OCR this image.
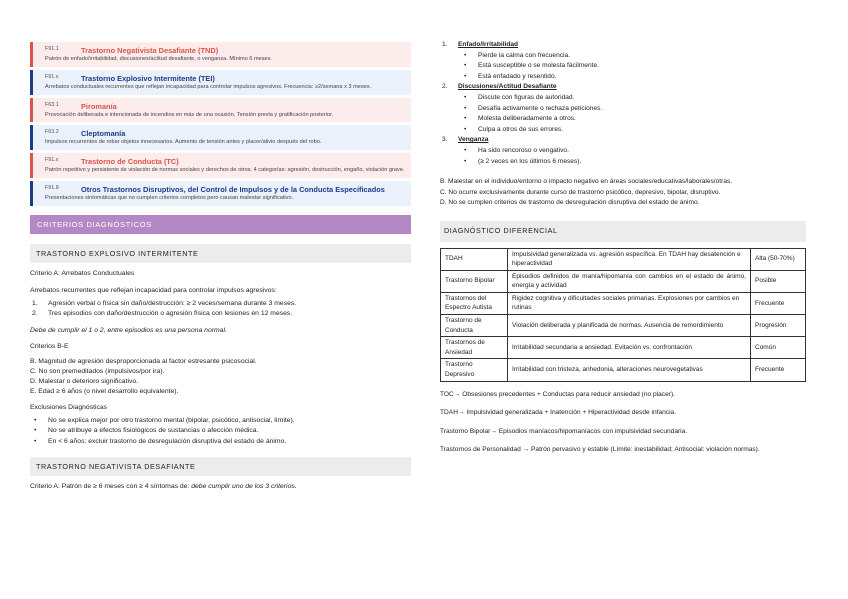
F91.1	Trastorno Negativista Desafiante (TND)
Patrón de enfado/irritabilidad, discusiones/actitud desafiante, o venganza. Mínimo 6 meses.
F91.x	Trastorno Explosivo Intermitente (TEI)
Arrebatos conductuales recurrentes que reflejan incapacidad para controlar impulsos agresivos. Frecuencia: ≥2/semana x 3 meses.
F63.1	Piromanía
Provocación deliberada e intencionada de incendios en más de una ocasión. Tensión previa y gratificación posterior.
F63.2	Cleptomanía
Impulsos recurrentes de robar objetos innecesarios. Aumento de tensión antes y placer/alivio después del robo.
F91.x	Trastorno de Conducta (TC)
Patrón repetitivo y persistente de violación de normas sociales y derechos de otros. 4 categorías: agresión, destrucción, engaño, violación grave.
F91.8	Otros Trastornos Disruptivos, del Control de Impulsos y de la Conducta Especificados
Presentaciones sintomáticas que no cumplen criterios completos pero causan malestar significativo.
CRITERIOS DIAGNÓSTICOS
TRASTORNO EXPLOSIVO INTERMITENTE
Criterio A: Arrebatos Conductuales
Arrebatos recurrentes que reflejan incapacidad para controlar impulsos agresivos:
1. Agresión verbal o física sin daño/destrucción: ≥ 2 veces/semana durante 3 meses.
2. Tres episodios con daño/destrucción o agresión física con lesiones en 12 meses.
Debe de cumplir el 1 o 2, entre episodios es una persona normal.
Criterios B-E
B. Magnitud de agresión desproporcionada al factor estresante psicosocial.
C. No son premeditados (impulsivos/por ira).
D. Malestar o deterioro significativo.
E. Edad ≥ 6 años (o nivel desarrollo equivalente).
Exclusiones Diagnósticas
• No se explica mejor por otro trastorno mental (bipolar, psicótico, antisocial, límite).
• No se atribuye a efectos fisiológicos de sustancias o afección médica.
• En < 6 años: excluir trastorno de desregulación disruptiva del estado de ánimo.
TRASTORNO NEGATIVISTA DESAFIANTE
Criterio A: Patrón de ≥ 6 meses con ≥ 4 síntomas de: debe cumplir uno de los 3 criterios.
1. Enfado/Irritabilidad
• Pierde la calma con frecuencia.
• Está susceptible o se molesta fácilmente.
• Está enfadado y resentido.
2. Discusiones/Actitud Desafiante
• Discute con figuras de autoridad.
• Desafía activamente o rechaza peticiones.
• Molesta deliberadamente a otros.
• Culpa a otros de sus errores.
3. Venganza
• Ha sido rencoroso o vengativo.
• (≥ 2 veces en los últimos 6 meses).
B. Malestar en el individuo/entorno o impacto negativo en áreas sociales/educativas/laborales/otras.
C. No ocurre exclusivamente durante curso de trastorno psicótico, depresivo, bipolar, disruptivo.
D. No se cumplen criterios de trastorno de desregulación disruptiva del estado de ánimo.
DIAGNÓSTICO DIFERENCIAL
TDAH	Impulsividad generalizada vs. agresión específica. En TDAH hay desatención e hiperactividad	Alta (50-70%)
Trastorno Bipolar	Episodios definidos de manía/hipomanía con cambios en el estado de ánimo, energía y actividad	Posible
Trastornos del Espectro Autista	Rigidez cognitiva y dificultades sociales primarias. Explosiones por cambios en rutinas	Frecuente
Trastorno de Conducta	Violación deliberada y planificada de normas. Ausencia de remordimiento	Progresión
Trastornos de Ansiedad	Irritabilidad secundaria a ansiedad. Evitación vs. confrontación	Común
Trastorno Depresivo	Irritabilidad con tristeza, anhedonia, alteraciones neurovegetativas	Frecuente
TOC→ Obsesiones precedentes + Conductas para reducir ansiedad (no placer).
TDAH→ Impulsividad generalizada + Inatención + Hiperactividad desde infancia.
Trastorno Bipolar→ Episodios maníacos/hipomaníacos con impulsividad secundaria.
Trastornos de Personalidad → Patrón pervasivo y estable (Límite: inestabilidad; Antisocial: violación normas).
